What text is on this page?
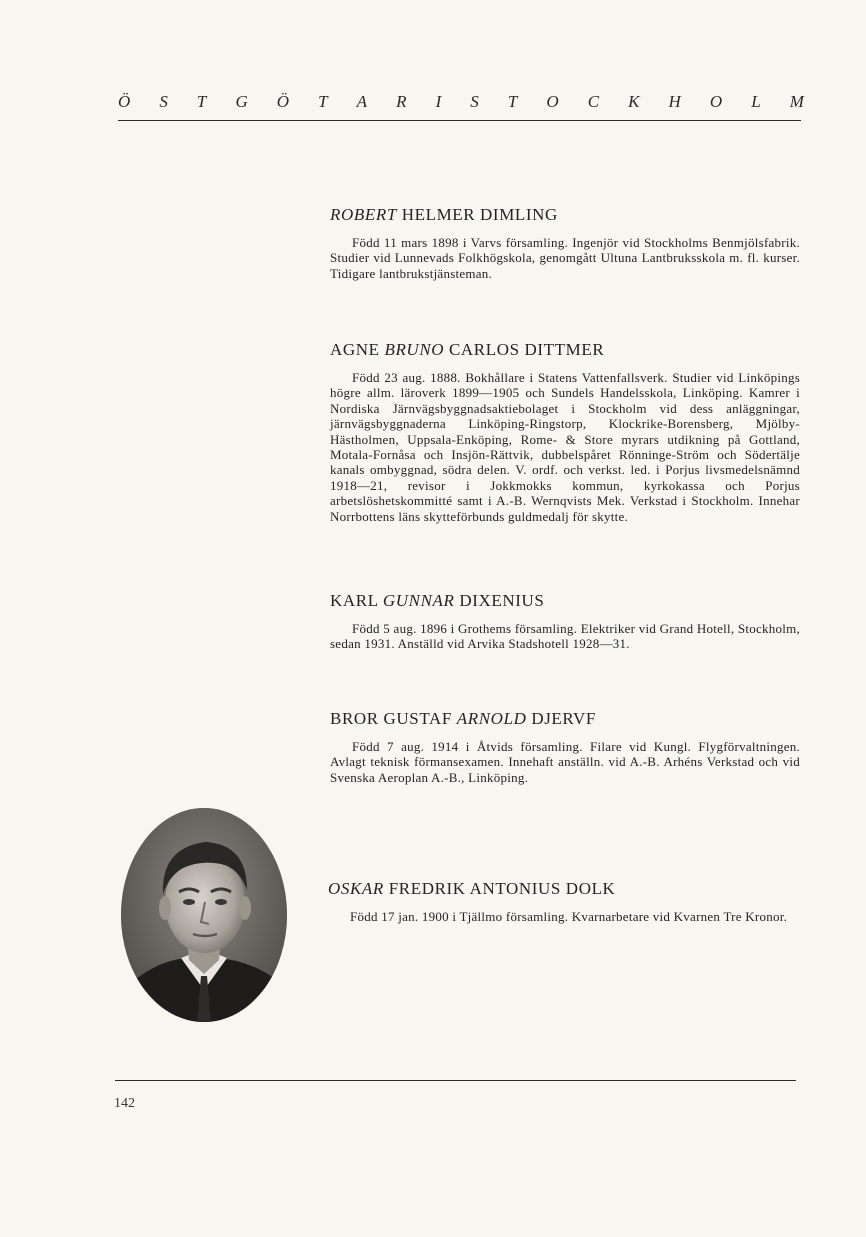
Ö S T G Ö T A R I S T O C K H O L M
ROBERT HELMER DIMLING

Född 11 mars 1898 i Varvs församling. Ingenjör vid Stockholms Benmjölsfabrik. Studier vid Lunnevads Folkhögskola, genomgått Ultuna Lantbruksskola m. fl. kurser. Tidigare lantbrukstjänsteman.

AGNE BRUNO CARLOS DITTMER

Född 23 aug. 1888. Bokhållare i Statens Vattenfallsverk. Studier vid Linköpings högre allm. läroverk 1899—1905 och Sundels Handelsskola, Linköping. Kamrer i Nordiska Järnvägsbyggnadsaktiebolaget i Stockholm vid dess anläggningar, järnvägsbyggnaderna Linköping-Ringstorp, Klockrike-Borensberg, Mjölby-Hästholmen, Uppsala-Enköping, Rome- & Store myrars utdikning på Gottland, Motala-Fornåsa och Insjön-Rättvik, dubbelspåret Rönninge-Ström och Södertälje kanals ombyggnad, södra delen. V. ordf. och verkst. led. i Porjus livsmedelsnämnd 1918—21, revisor i Jokkmokks kommun, kyrkokassa och Porjus arbetslöshetskommitté samt i A.-B. Wernqvists Mek. Verkstad i Stockholm. Innehar Norrbottens läns skytteförbunds guldmedalj för skytte.

KARL GUNNAR DIXENIUS

Född 5 aug. 1896 i Grothems församling. Elektriker vid Grand Hotell, Stockholm, sedan 1931. Anställd vid Arvika Stadshotell 1928—31.

BROR GUSTAF ARNOLD DJERVF

Född 7 aug. 1914 i Åtvids församling. Filare vid Kungl. Flygförvaltningen. Avlagt teknisk förmansexamen. Innehaft anställn. vid A.-B. Arhéns Verkstad och vid Svenska Aeroplan A.-B., Linköping.

OSKAR FREDRIK ANTONIUS DOLK

Född 17 jan. 1900 i Tjällmo församling. Kvarnarbetare vid Kvarnen Tre Kronor.

142
